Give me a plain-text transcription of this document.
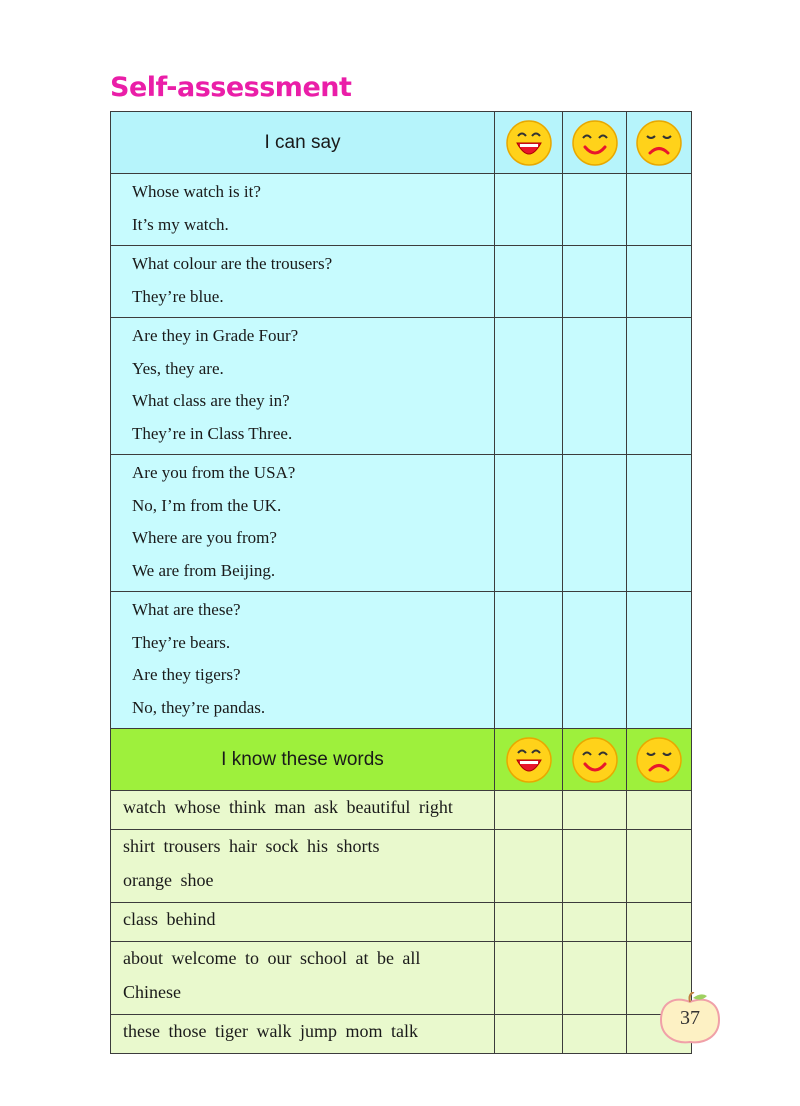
Self-assessment
I can say	

Whose watch is it?
It’s my watch.			

What colour are the trousers?
They’re blue.			

Are they in Grade Four?
Yes, they are.
What class are they in?
They’re in Class Three.			

Are you from the USA?
No, I’m from the UK.
Where are you from?
We are from Beijing.			

What are these?
They’re bears.
Are they tigers?
No, they’re pandas.			

I know these words	

watch whose think man ask beautiful right			

shirt trousers hair sock his shorts
orange shoe			

class behind			

about welcome to our school at be all
Chinese			

these those tiger walk jump mom talk			

37
